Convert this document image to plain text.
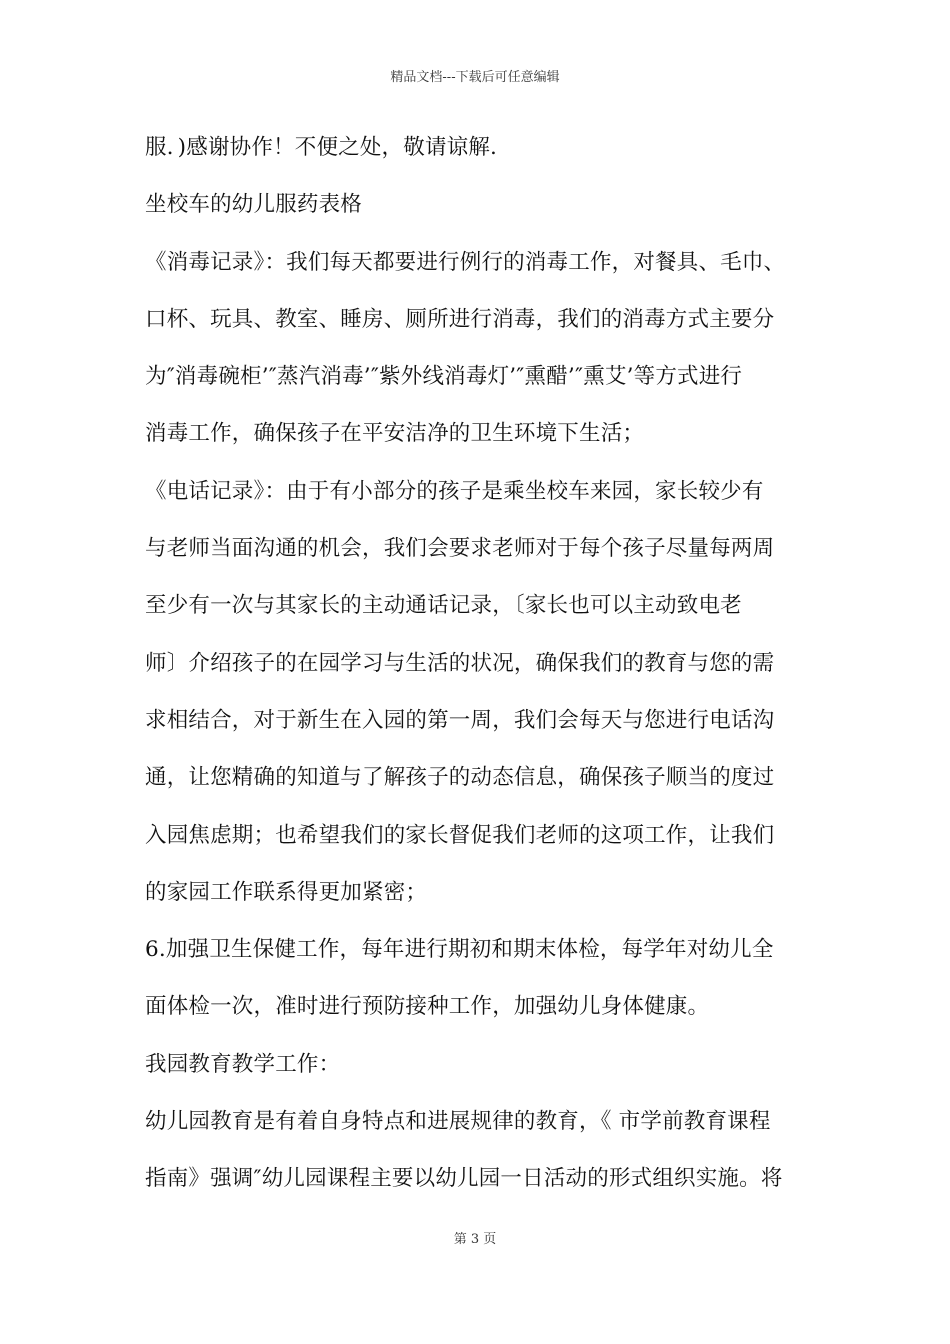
精品文档---下载后可任意编辑
服．)感谢协作！不便之处，敬请谅解.
坐校车的幼儿服药表格
《消毒记录》：我们每天都要进行例行的消毒工作，对餐具、毛巾、
口杯、玩具、教室、睡房、厕所进行消毒，我们的消毒方式主要分
为″消毒碗柜’″蒸汽消毒’″紫外线消毒灯’″熏醋’″熏艾’等方式进行
消毒工作，确保孩子在平安洁净的卫生环境下生活；
《电话记录》：由于有小部分的孩子是乘坐校车来园，家长较少有
与老师当面沟通的机会，我们会要求老师对于每个孩子尽量每两周
至少有一次与其家长的主动通话记录，〔家长也可以主动致电老
师〕介绍孩子的在园学习与生活的状况，确保我们的教育与您的需
求相结合，对于新生在入园的第一周，我们会每天与您进行电话沟
通，让您精确的知道与了解孩子的动态信息，确保孩子顺当的度过
入园焦虑期；也希望我们的家长督促我们老师的这项工作，让我们
的家园工作联系得更加紧密；
6.加强卫生保健工作，每年进行期初和期末体检，每学年对幼儿全
面体检一次，准时进行预防接种工作，加强幼儿身体健康。
我园教育教学工作：
幼儿园教育是有着自身特点和进展规律的教育，《 市学前教育课程
指南》强调″幼儿园课程主要以幼儿园一日活动的形式组织实施。将
第 3 页
